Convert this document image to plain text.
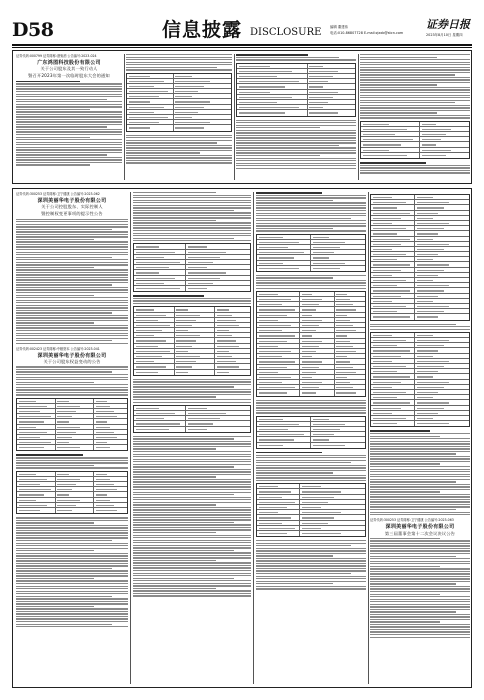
D58	信息披露 DISCLOSURE	编辑 董建伟
电话:010-86807728 E-mail:zjzxb@stcn.com
证券日报
2023年8月10日 星期四
证券代码:000799 证券简称:酒鬼酒 公告编号:2023-024
广东鸿图科技股份有限公司
关于公司股东及其一致行动人
暨召开2023年第一次临时股东大会的通知
证券代码:300253 证券简称:卫宁健康 公告编号:2023-062
深圳美丽华电子股份有限公司
关于公司控股股东、实际控制人
暨控制权变更事项的提示性公告
证券代码:002423 证券简称:中粮资本 公告编号:2023-041
深圳美丽华电子股份有限公司
关于公司股东权益变动的公告
证券代码:300253 证券简称:卫宁健康 公告编号:2023-063
深圳美丽华电子股份有限公司
第三届董事会第十二次会议决议公告
